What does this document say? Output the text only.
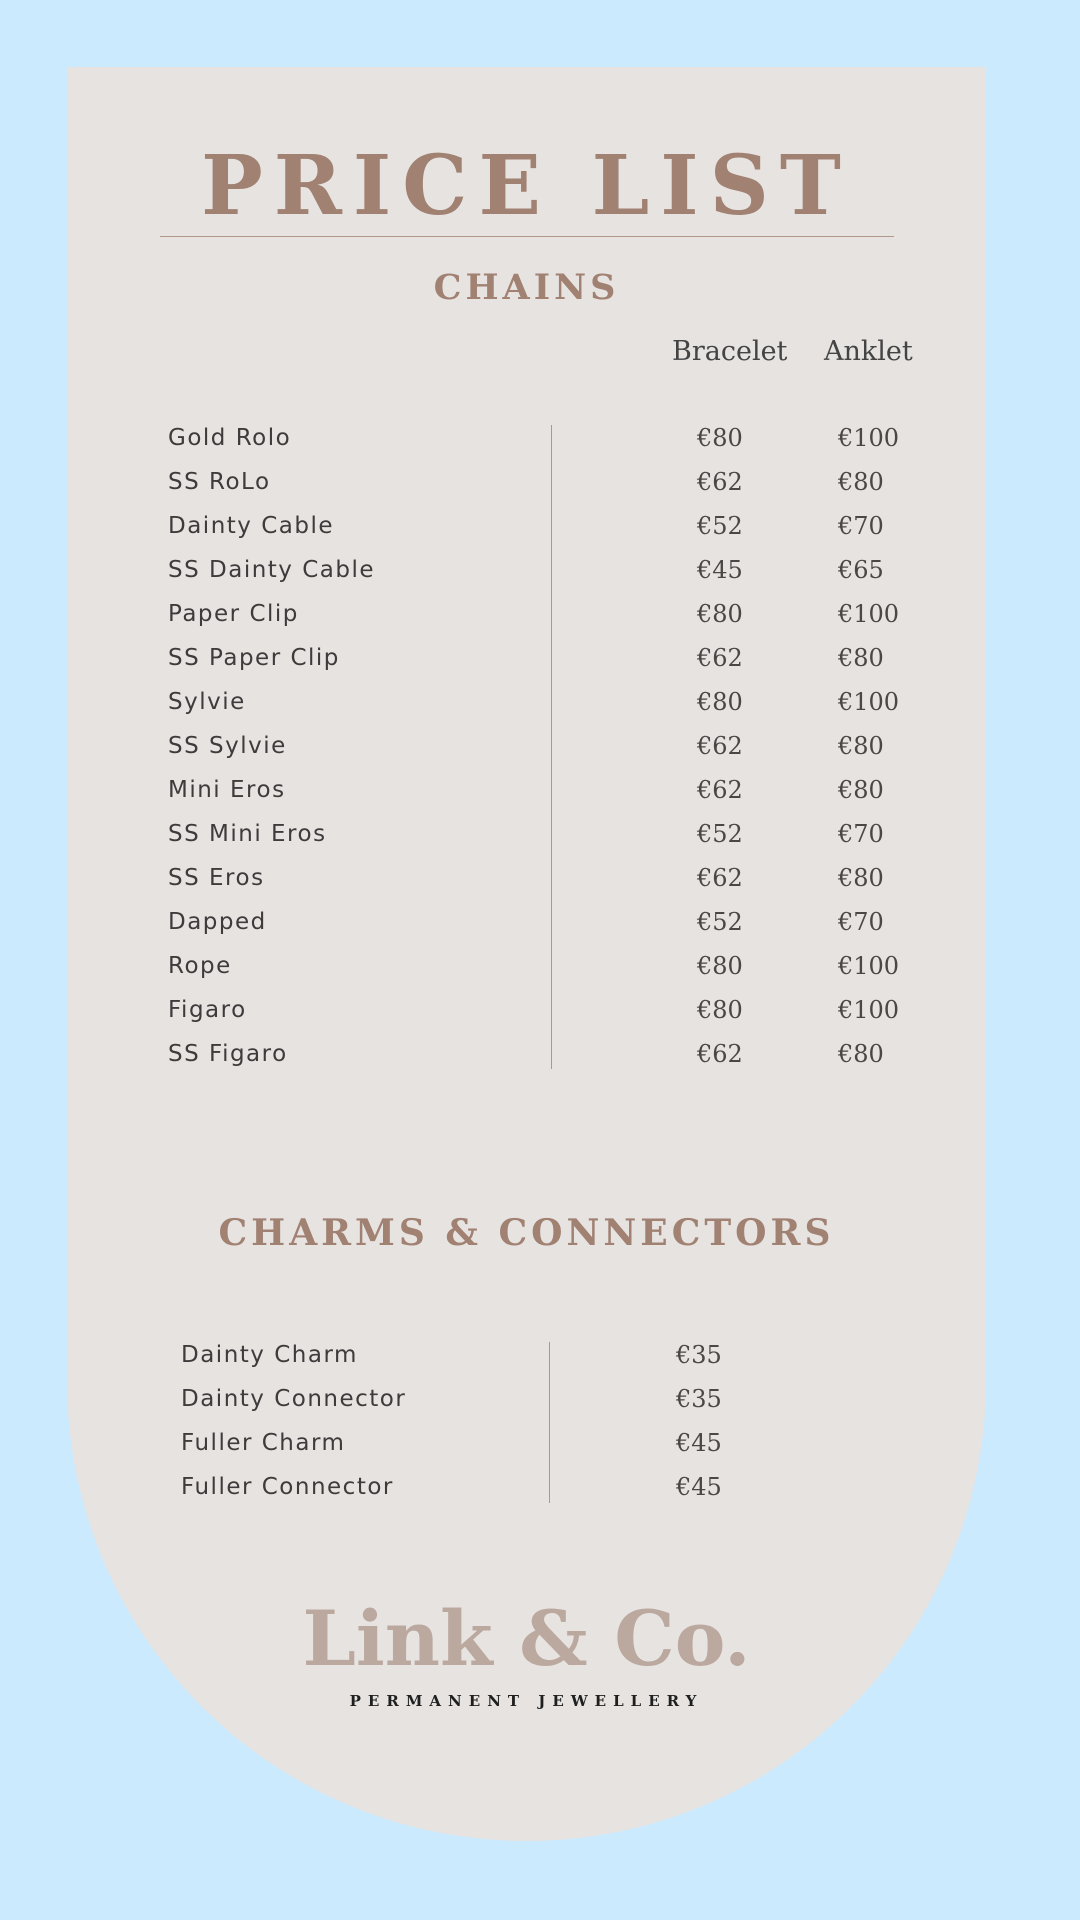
PRICE LIST
CHAINS
Bracelet Anklet
Gold Rolo	€80	€100
SS RoLo	€62	€80
Dainty Cable	€52	€70
SS Dainty Cable	€45	€65
Paper Clip	€80	€100
SS Paper Clip	€62	€80
Sylvie	€80	€100
SS Sylvie	€62	€80
Mini Eros	€62	€80
SS Mini Eros	€52	€70
SS Eros	€62	€80
Dapped	€52	€70
Rope	€80	€100
Figaro	€80	€100
SS Figaro	€62	€80
CHARMS & CONNECTORS
Dainty Charm	€35
Dainty Connector	€35
Fuller Charm	€45
Fuller Connector	€45
Link & Co.
PERMANENT JEWELLERY
